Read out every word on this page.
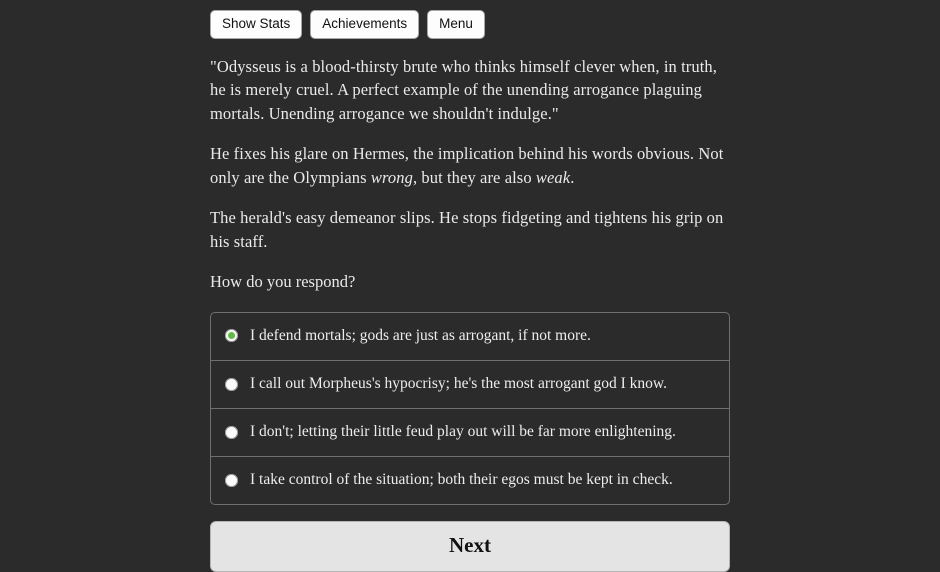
Show Stats	Achievements	Menu

"Odysseus is a blood-thirsty brute who thinks himself clever when, in truth, he is merely cruel. A perfect example of the unending arrogance plaguing mortals. Unending arrogance we shouldn't indulge."

He fixes his glare on Hermes, the implication behind his words obvious. Not only are the Olympians wrong, but they are also weak.

The herald's easy demeanor slips. He stops fidgeting and tightens his grip on his staff.

How do you respond?

I defend mortals; gods are just as arrogant, if not more.
I call out Morpheus's hypocrisy; he's the most arrogant god I know.
I don't; letting their little feud play out will be far more enlightening.
I take control of the situation; both their egos must be kept in check.
Next
